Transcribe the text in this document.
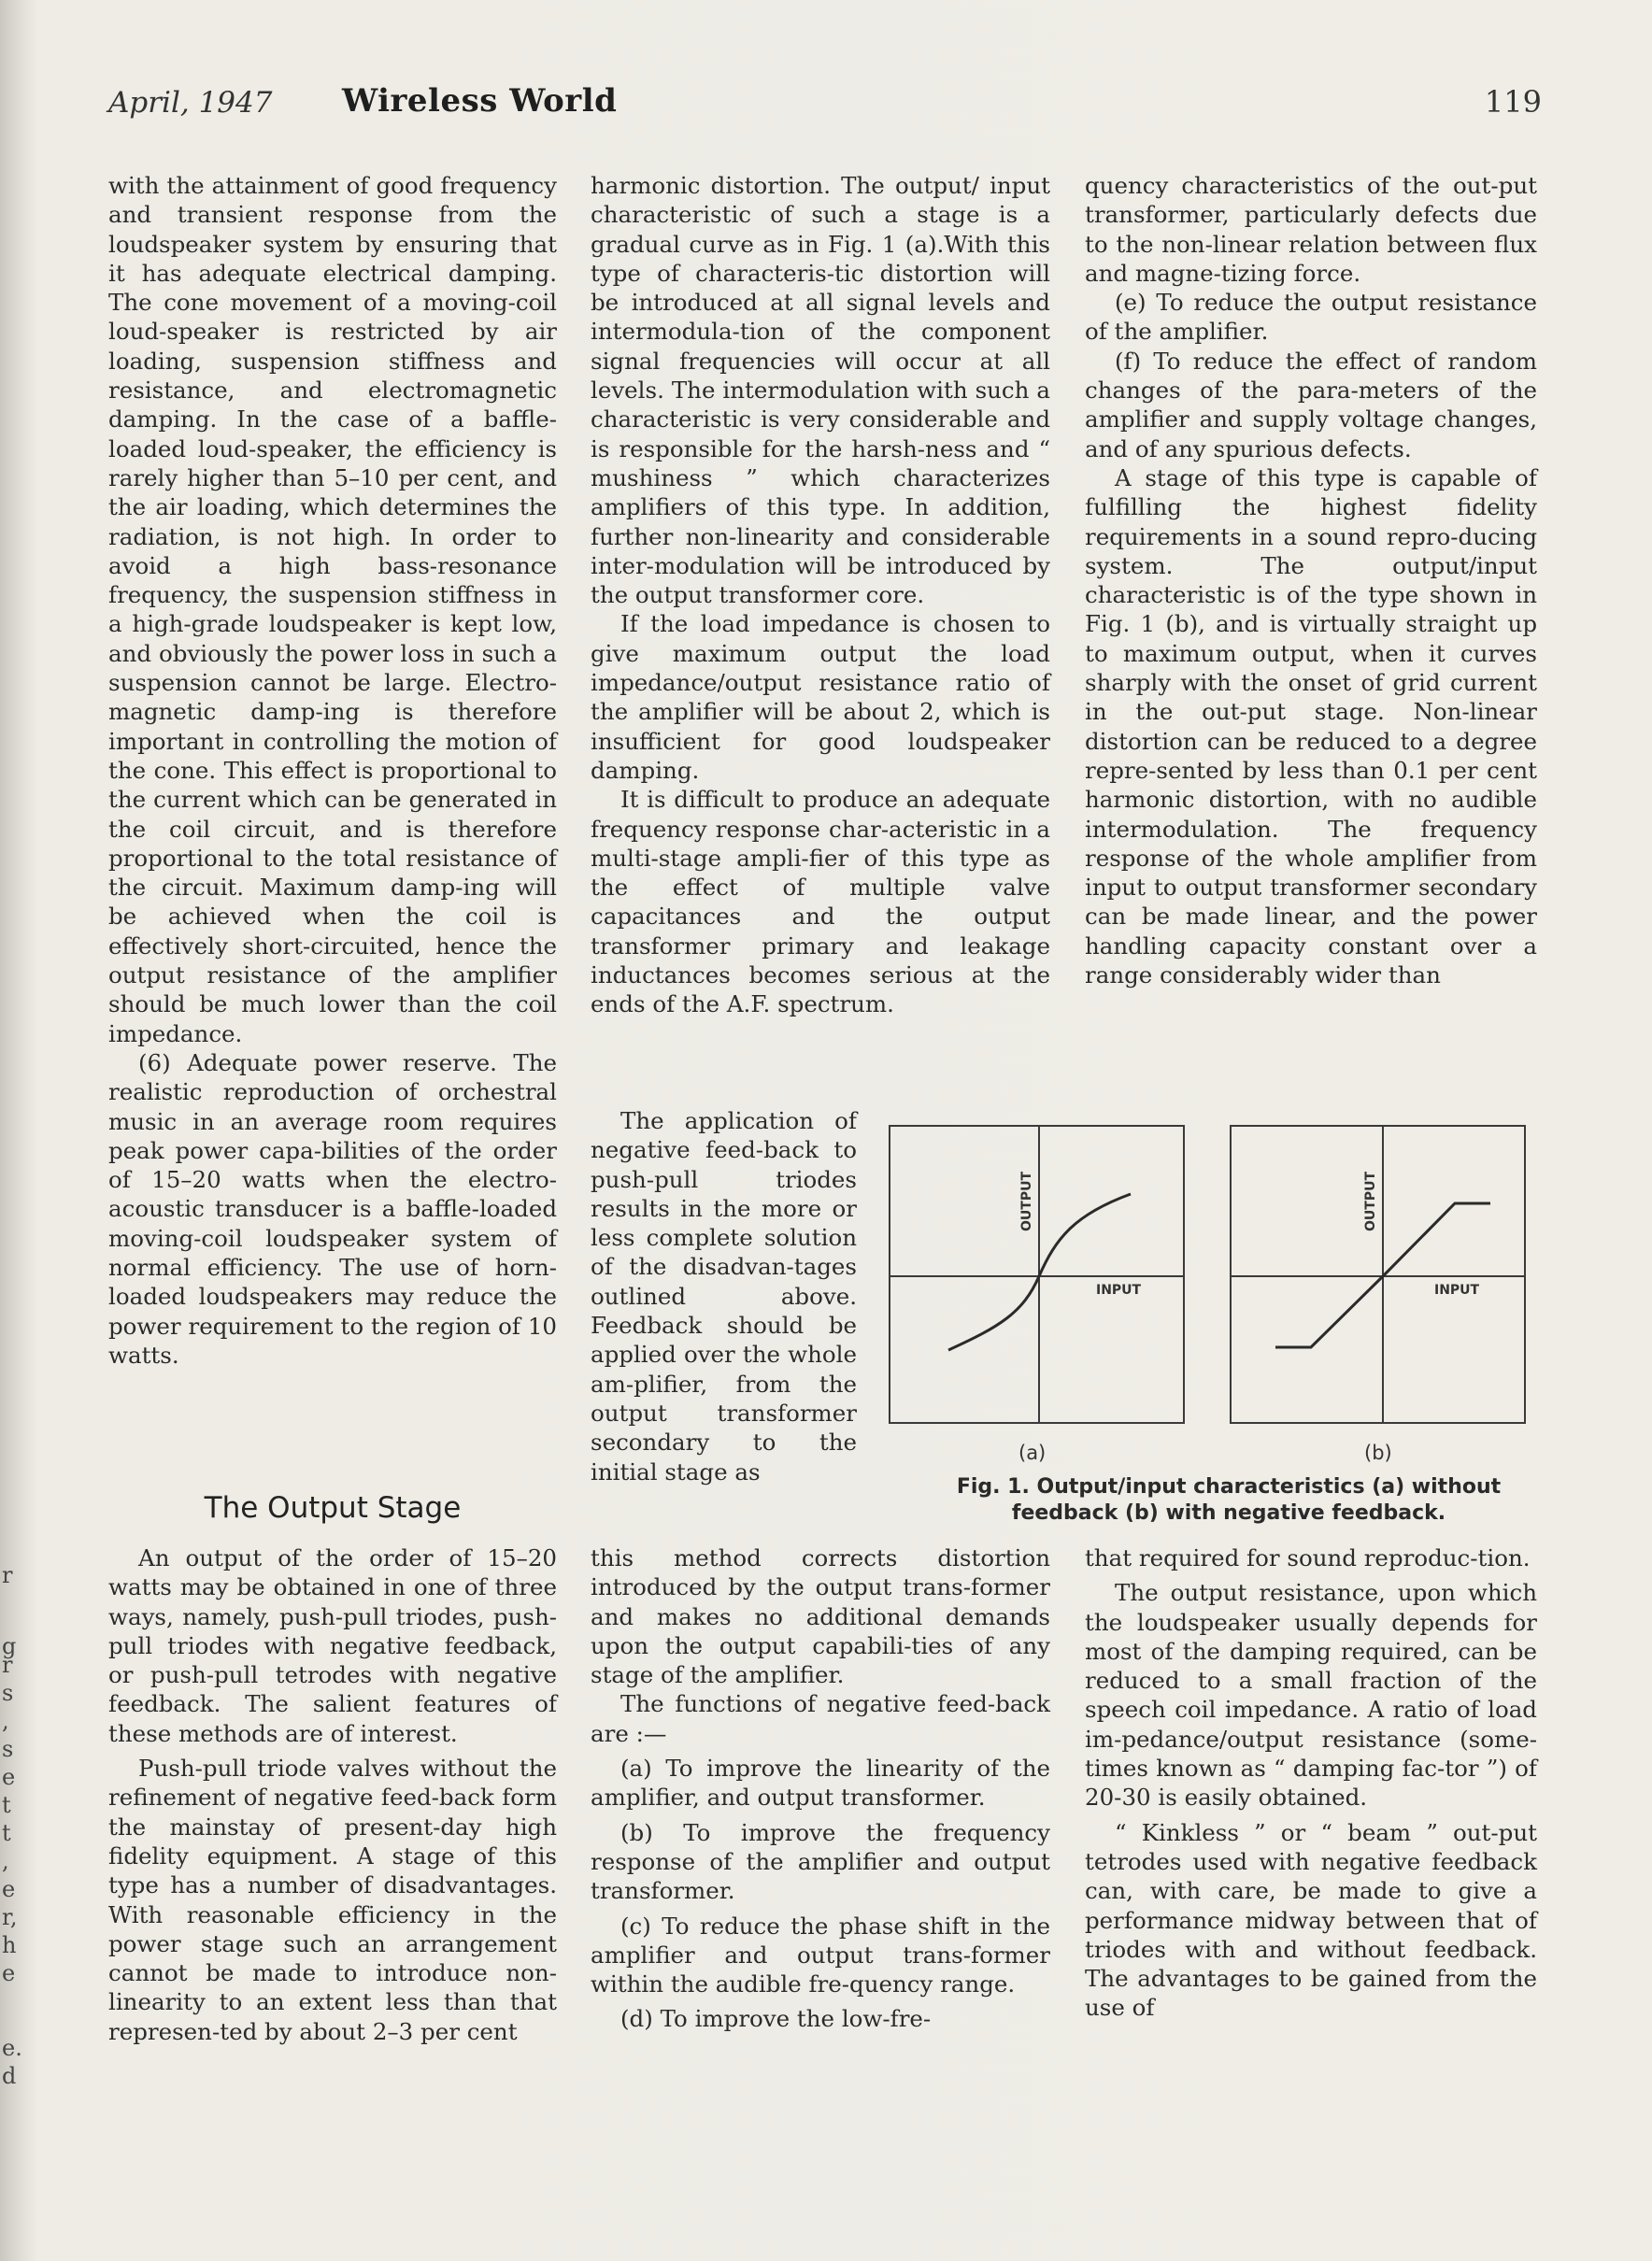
April, 1947 Wireless World	119

with the attainment of good frequency and transient response from the loudspeaker system by ensuring that it has adequate electrical damping. The cone movement of a moving-coil loud-speaker is restricted by air loading, suspension stiffness and resistance, and electromagnetic damping. In the case of a baffle-loaded loud-speaker, the efficiency is rarely higher than 5–10 per cent, and the air loading, which determines the radiation, is not high. In order to avoid a high bass-resonance frequency, the suspension stiffness in a high-grade loudspeaker is kept low, and obviously the power loss in such a suspension cannot be large. Electro-magnetic damp-ing is therefore important in controlling the motion of the cone. This effect is proportional to the current which can be generated in the coil circuit, and is therefore proportional to the total resistance of the circuit. Maximum damp-ing will be achieved when the coil is effectively short-circuited, hence the output resistance of the amplifier should be much lower than the coil impedance.

(6) Adequate power reserve. The realistic reproduction of orchestral music in an average room requires peak power capa-bilities of the order of 15–20 watts when the electro-acoustic transducer is a baffle-loaded moving-coil loudspeaker system of normal efficiency. The use of horn-loaded loudspeakers may reduce the power requirement to the region of 10 watts.

The Output Stage

An output of the order of 15–20 watts may be obtained in one of three ways, namely, push-pull triodes, push-pull triodes with negative feedback, or push-pull tetrodes with negative feedback. The salient features of these methods are of interest.

Push-pull triode valves without the refinement of negative feed-back form the mainstay of present-day high fidelity equipment. A stage of this type has a number of disadvantages. With reasonable efficiency in the power stage such an arrangement cannot be made to introduce non-linearity to an extent less than that represen-ted by about 2–3 per cent

harmonic distortion. The output/ input characteristic of such a stage is a gradual curve as in Fig. 1 (a).With this type of characteris-tic distortion will be introduced at all signal levels and intermodula-tion of the component signal frequencies will occur at all levels. The intermodulation with such a characteristic is very considerable and is responsible for the harsh-ness and “ mushiness ” which characterizes amplifiers of this type. In addition, further non-linearity and considerable inter-modulation will be introduced by the output transformer core.

If the load impedance is chosen to give maximum output the load impedance/output resistance ratio of the amplifier will be about 2, which is insufficient for good loudspeaker damping.

It is difficult to produce an adequate frequency response char-acteristic in a multi-stage ampli-fier of this type as the effect of multiple valve capacitances and the output transformer primary and leakage inductances becomes serious at the ends of the A.F. spectrum.

The application of negative feed-back to push-pull triodes results in the more or less complete solution of the disadvan-tages outlined above. Feedback should be applied over the whole am-plifier, from the output transformer secondary to the initial stage as

this method corrects distortion introduced by the output trans-former and makes no additional demands upon the output capabili-ties of any stage of the amplifier.

The functions of negative feed-back are :—

(a) To improve the linearity of the amplifier, and output transformer.

(b) To improve the frequency response of the amplifier and output transformer.

(c) To reduce the phase shift in the amplifier and output trans-former within the audible fre-quency range.

(d) To improve the low-fre-

quency characteristics of the out-put transformer, particularly defects due to the non-linear relation between flux and magne-tizing force.

(e) To reduce the output resistance of the amplifier.

(f) To reduce the effect of random changes of the para-meters of the amplifier and supply voltage changes, and of any spurious defects.

A stage of this type is capable of fulfilling the highest fidelity requirements in a sound repro-ducing system. The output/input characteristic is of the type shown in Fig. 1 (b), and is virtually straight up to maximum output, when it curves sharply with the onset of grid current in the out-put stage. Non-linear distortion can be reduced to a degree repre-sented by less than 0.1 per cent harmonic distortion, with no audible intermodulation. The frequency response of the whole amplifier from input to output transformer secondary can be made linear, and the power handling capacity constant over a range considerably wider than

that required for sound reproduc-tion.

The output resistance, upon which the loudspeaker usually depends for most of the damping required, can be reduced to a small fraction of the speech coil impedance. A ratio of load im-pedance/output resistance (some-times known as “ damping fac-tor ”) of 20-30 is easily obtained.

“ Kinkless ” or “ beam ” out-put tetrodes used with negative feedback can, with care, be made to give a performance midway between that of triodes with and without feedback. The advantages to be gained from the use of

OUTPUT
INPUT
OUTPUT
INPUT
(a)	(b)
Fig. 1. Output/input characteristics (a) without
feedback (b) with negative feedback.
r
g
r
s
,
s
e
t
t
,
e
r,
h
e
e.
d
